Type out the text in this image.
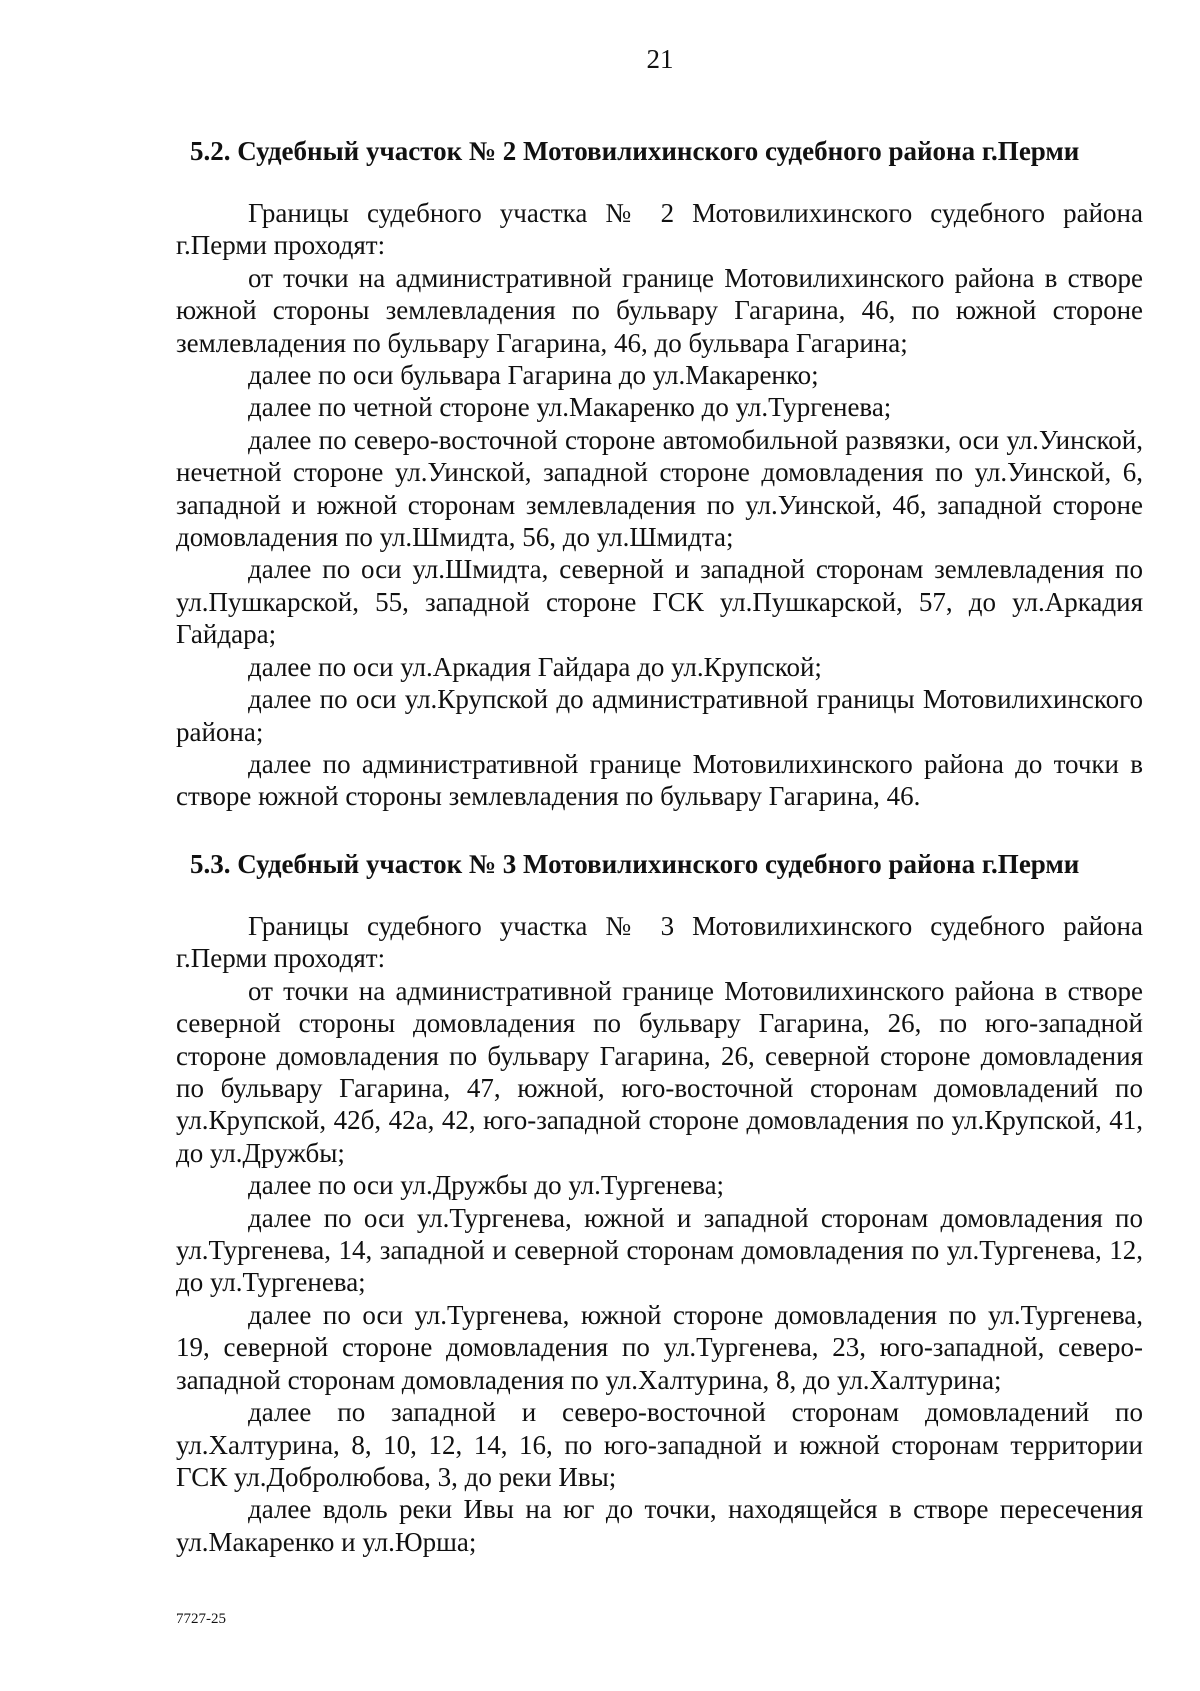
21
5.2. Судебный участок № 2 Мотовилихинского судебного района г.Перми

Границы судебного участка № 2 Мотовилихинского судебного района г.Перми проходят:

от точки на административной границе Мотовилихинского района в створе южной стороны землевладения по бульвару Гагарина, 46, по южной стороне землевладения по бульвару Гагарина, 46, до бульвара Гагарина;

далее по оси бульвара Гагарина до ул.Макаренко;

далее по четной стороне ул.Макаренко до ул.Тургенева;

далее по северо-восточной стороне автомобильной развязки, оси ул.Уинской, нечетной стороне ул.Уинской, западной стороне домовладения по ул.Уинской, 6, западной и южной сторонам землевладения по ул.Уинской, 4б, западной стороне домовладения по ул.Шмидта, 56, до ул.Шмидта;

далее по оси ул.Шмидта, северной и западной сторонам землевладения по ул.Пушкарской, 55, западной стороне ГСК ул.Пушкарской, 57, до ул.Аркадия Гайдара;

далее по оси ул.Аркадия Гайдара до ул.Крупской;

далее по оси ул.Крупской до административной границы Мотовилихинского района;

далее по административной границе Мотовилихинского района до точки в створе южной стороны землевладения по бульвару Гагарина, 46.

5.3. Судебный участок № 3 Мотовилихинского судебного района г.Перми

Границы судебного участка № 3 Мотовилихинского судебного района г.Перми проходят:

от точки на административной границе Мотовилихинского района в створе северной стороны домовладения по бульвару Гагарина, 26, по юго-западной стороне домовладения по бульвару Гагарина, 26, северной стороне домовладения по бульвару Гагарина, 47, южной, юго-восточной сторонам домовладений по ул.Крупской, 42б, 42а, 42, юго-западной стороне домовладения по ул.Крупской, 41, до ул.Дружбы;

далее по оси ул.Дружбы до ул.Тургенева;

далее по оси ул.Тургенева, южной и западной сторонам домовладения по ул.Тургенева, 14, западной и северной сторонам домовладения по ул.Тургенева, 12, до ул.Тургенева;

далее по оси ул.Тургенева, южной стороне домовладения по ул.Тургенева, 19, северной стороне домовладения по ул.Тургенева, 23, юго-западной, северо-западной сторонам домовладения по ул.Халтурина, 8, до ул.Халтурина;

далее по западной и северо-восточной сторонам домовладений по ул.Халтурина, 8, 10, 12, 14, 16, по юго-западной и южной сторонам территории ГСК ул.Добролюбова, 3, до реки Ивы;

далее вдоль реки Ивы на юг до точки, находящейся в створе пересечения ул.Макаренко и ул.Юрша;

7727-25
